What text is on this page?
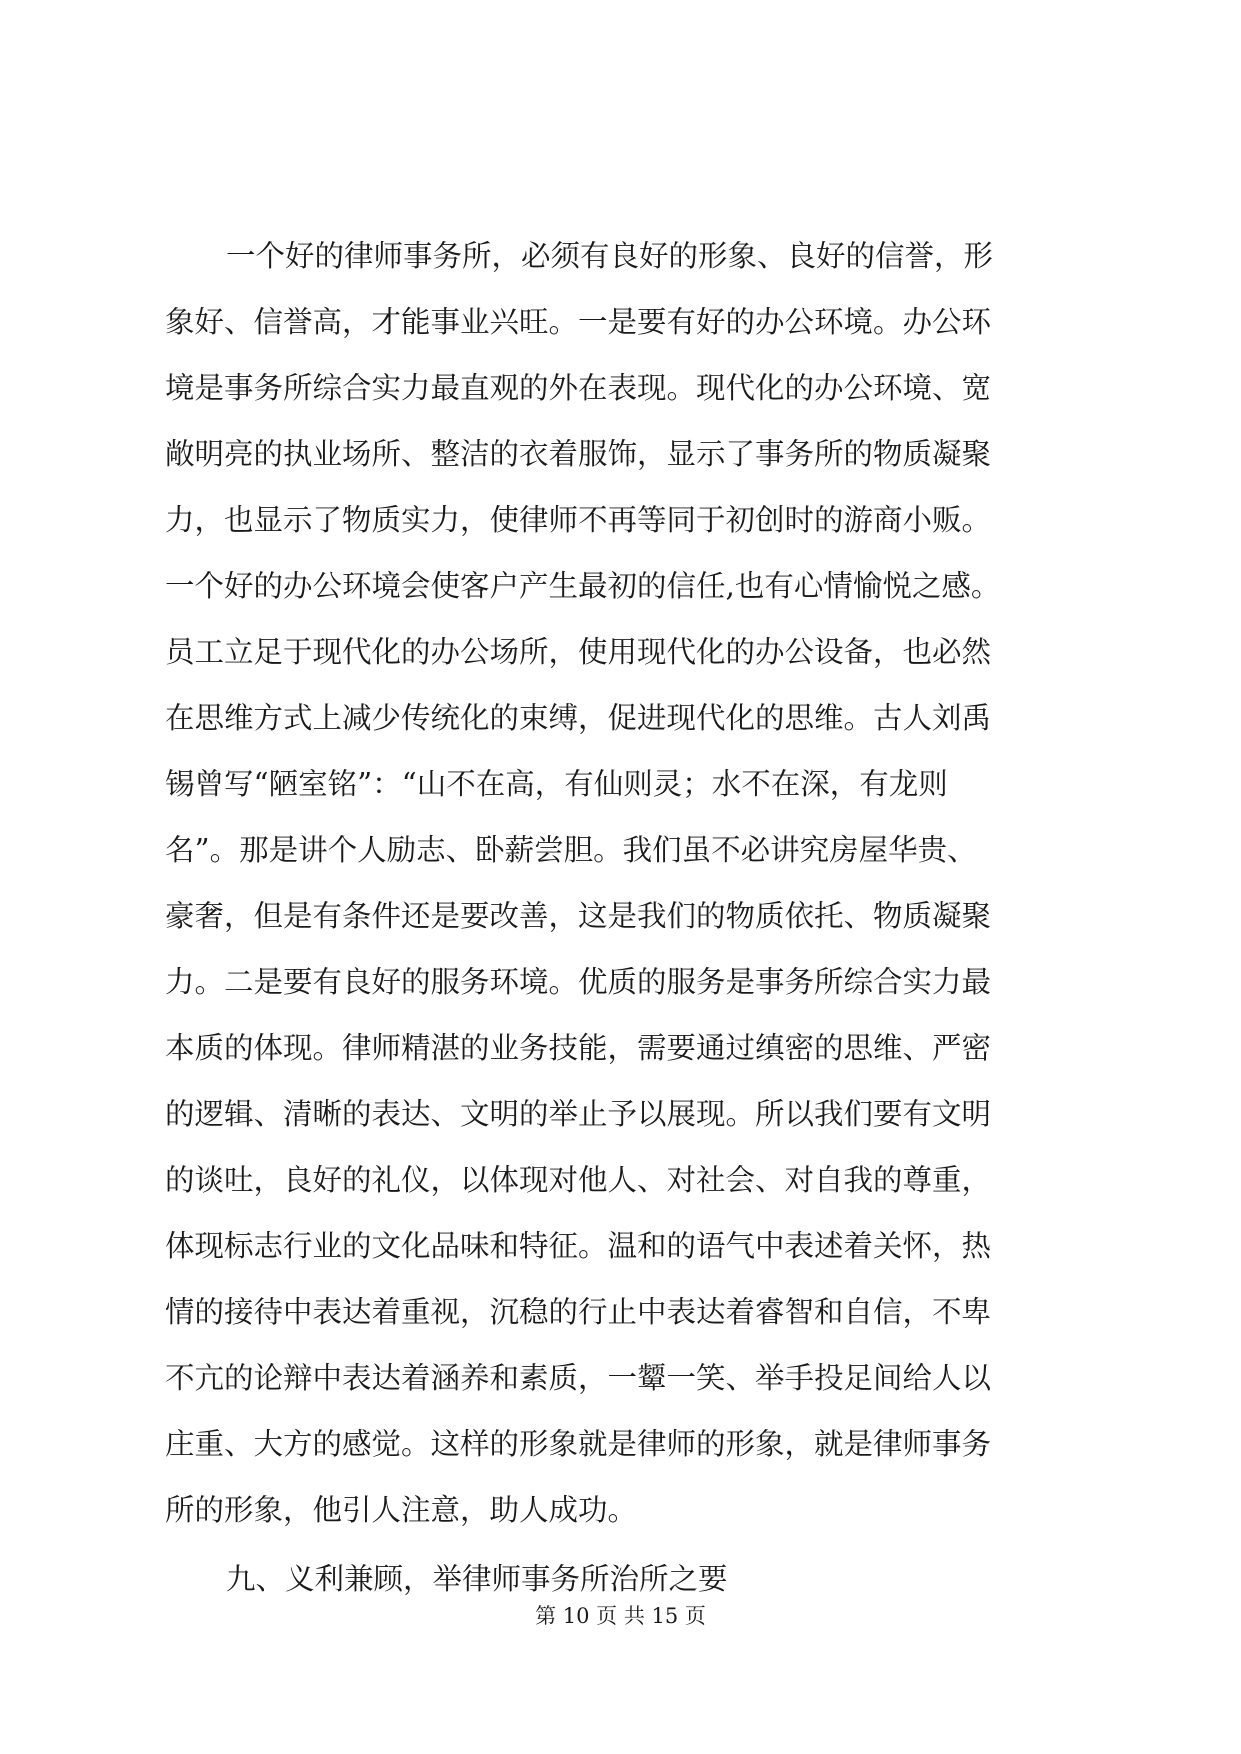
一个好的律师事务所，必须有良好的形象、良好的信誉，形
象好、信誉高，才能事业兴旺。一是要有好的办公环境。办公环
境是事务所综合实力最直观的外在表现。现代化的办公环境、宽
敞明亮的执业场所、整洁的衣着服饰，显示了事务所的物质凝聚
力，也显示了物质实力，使律师不再等同于初创时的游商小贩。
一个好的办公环境会使客户产生最初的信任,也有心情愉悦之感。
员工立足于现代化的办公场所，使用现代化的办公设备，也必然
在思维方式上减少传统化的束缚，促进现代化的思维。古人刘禹
锡曾写“陋室铭”：“山不在高，有仙则灵；水不在深，有龙则
名”。那是讲个人励志、卧薪尝胆。我们虽不必讲究房屋华贵、
豪奢，但是有条件还是要改善，这是我们的物质依托、物质凝聚
力。二是要有良好的服务环境。优质的服务是事务所综合实力最
本质的体现。律师精湛的业务技能，需要通过缜密的思维、严密
的逻辑、清晰的表达、文明的举止予以展现。所以我们要有文明
的谈吐，良好的礼仪，以体现对他人、对社会、对自我的尊重，
体现标志行业的文化品味和特征。温和的语气中表述着关怀，热
情的接待中表达着重视，沉稳的行止中表达着睿智和自信，不卑
不亢的论辩中表达着涵养和素质，一颦一笑、举手投足间给人以
庄重、大方的感觉。这样的形象就是律师的形象，就是律师事务
所的形象，他引人注意，助人成功。
九、义利兼顾，举律师事务所治所之要
第 10 页 共 15 页
